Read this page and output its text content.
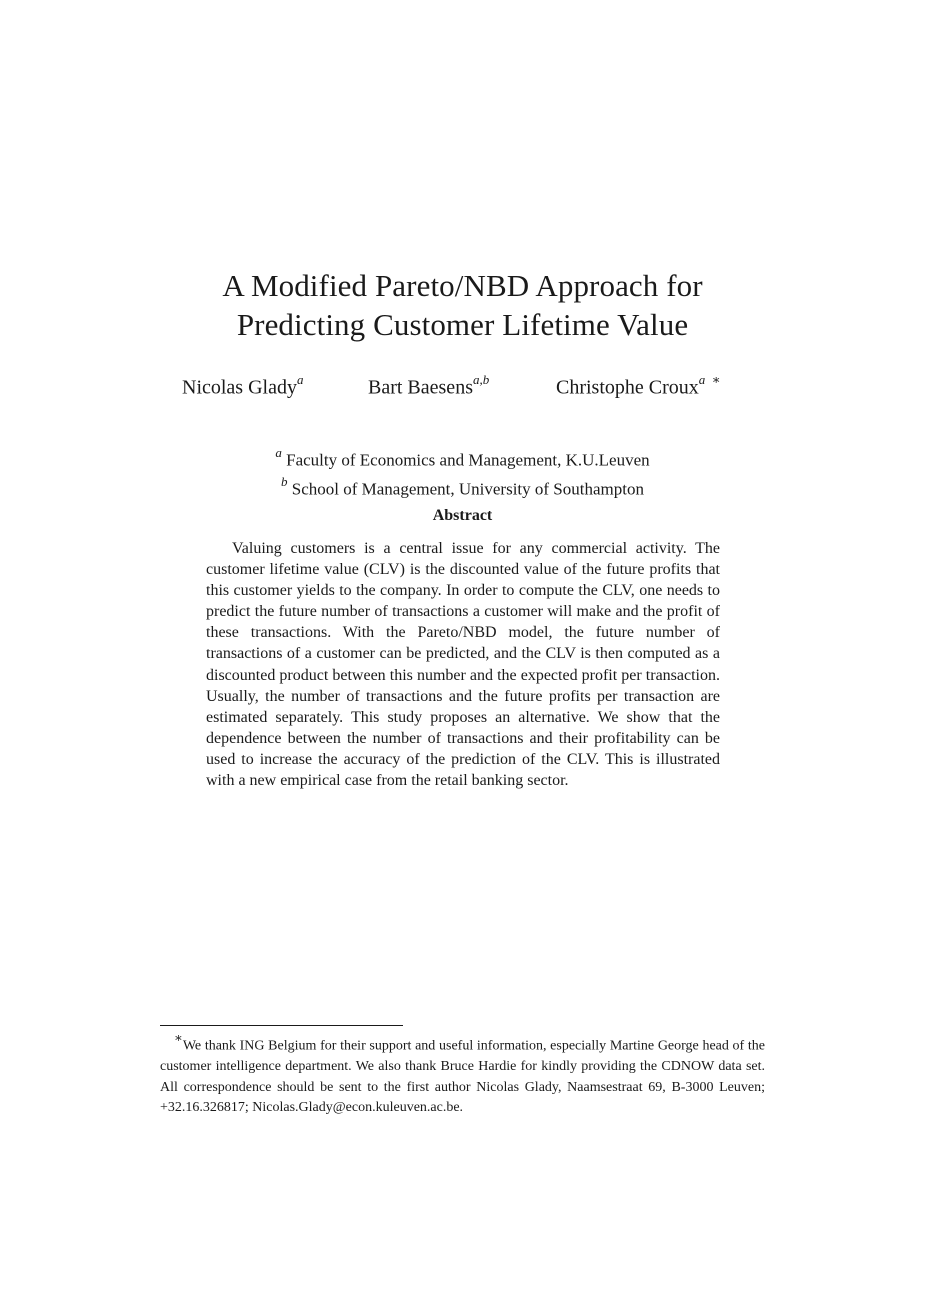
A Modified Pareto/NBD Approach for
Predicting Customer Lifetime Value
Nicolas Glady$^a$	Bart Baesens$^{a,b}$	Christophe Croux$^{a ∗}$
$^a$ Faculty of Economics and Management, K.U.Leuven
$^b$ School of Management, University of Southampton
Abstract

Valuing customers is a central issue for any commercial activity. The customer lifetime value (CLV) is the discounted value of the future profits that this customer yields to the company. In order to compute the CLV, one needs to predict the future number of transactions a customer will make and the profit of these transactions. With the Pareto/NBD model, the future number of transactions of a customer can be predicted, and the CLV is then computed as a discounted product between this number and the expected profit per transaction. Usually, the number of transactions and the future profits per transaction are estimated separately. This study proposes an alternative. We show that the dependence between the number of transactions and their profitability can be used to increase the accuracy of the prediction of the CLV. This is illustrated with a new empirical case from the retail banking sector.

∗We thank ING Belgium for their support and useful information, especially Martine George head of the customer intelligence department. We also thank Bruce Hardie for kindly providing the CDNOW data set. All correspondence should be sent to the first author Nicolas Glady, Naamsestraat 69, B-3000 Leuven; +32.16.326817; Nicolas.Glady@econ.kuleuven.ac.be.
